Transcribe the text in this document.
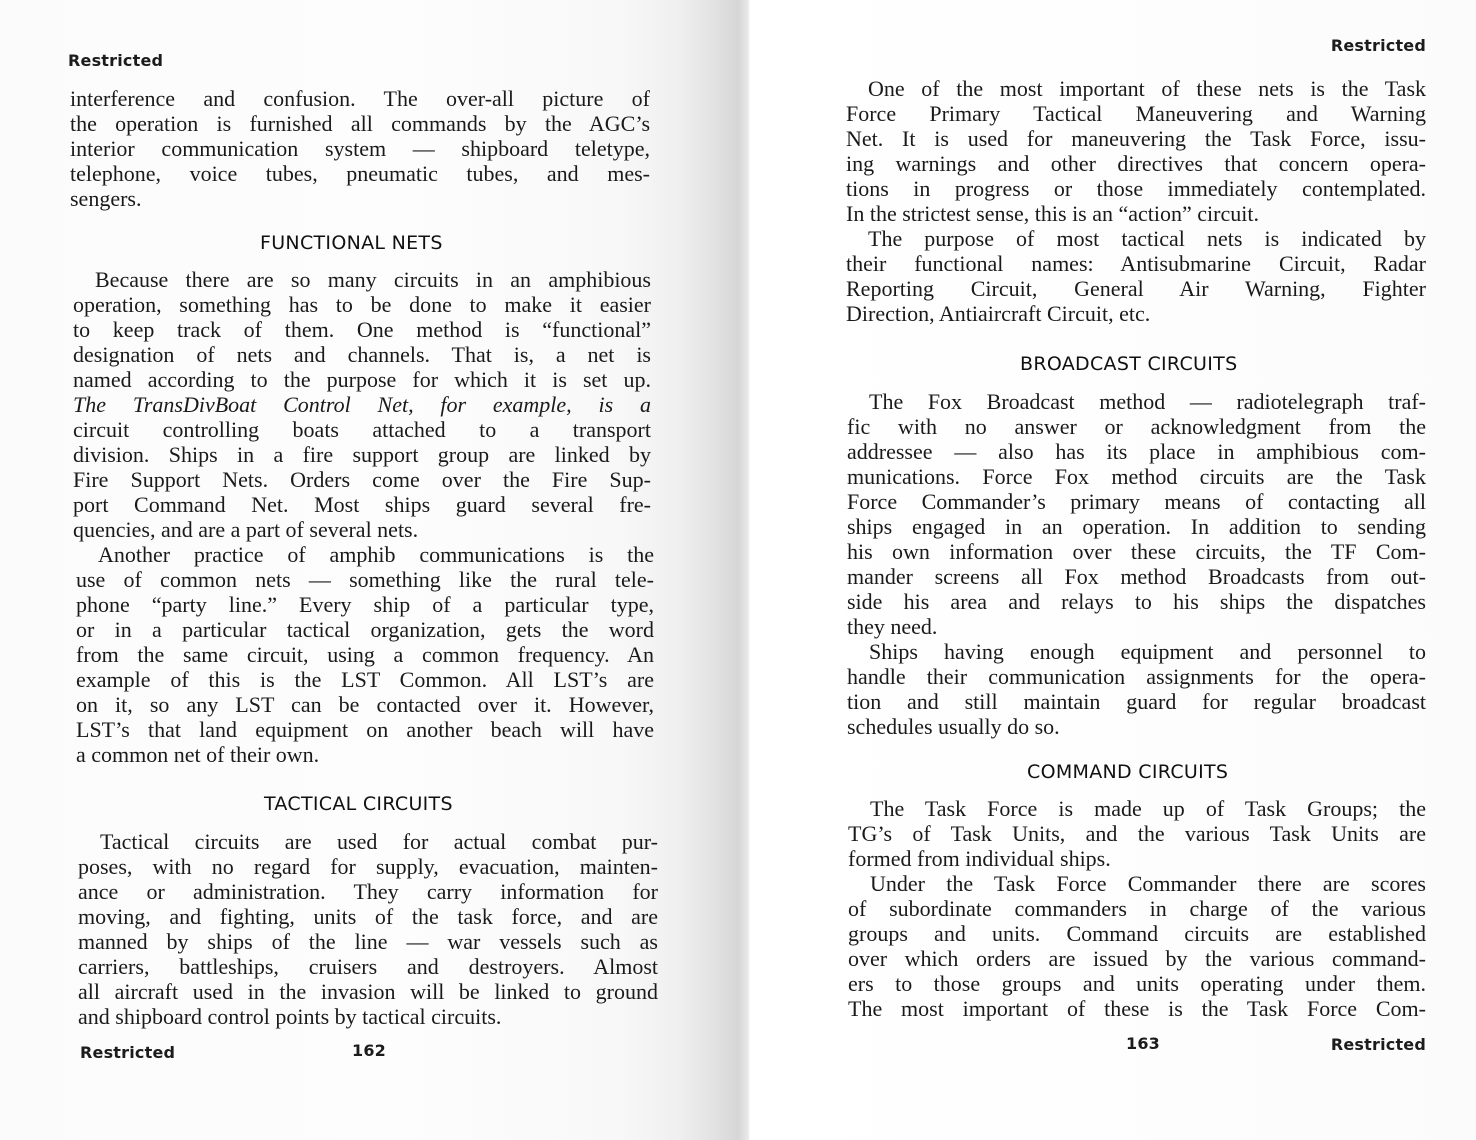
Restricted
interference and confusion. The over-all picture of
the operation is furnished all commands by the AGC’s
interior communication system — shipboard teletype,
telephone, voice tubes, pneumatic tubes, and mes-
sengers.
FUNCTIONAL NETS
Because there are so many circuits in an amphibious
operation, something has to be done to make it easier
to keep track of them. One method is “functional”
designation of nets and channels. That is, a net is
named according to the purpose for which it is set up.
The TransDivBoat Control Net, for example, is a
circuit controlling boats attached to a transport
division. Ships in a fire support group are linked by
Fire Support Nets. Orders come over the Fire Sup-
port Command Net. Most ships guard several fre-
quencies, and are a part of several nets.
Another practice of amphib communications is the
use of common nets — something like the rural tele-
phone “party line.” Every ship of a particular type,
or in a particular tactical organization, gets the word
from the same circuit, using a common frequency. An
example of this is the LST Common. All LST’s are
on it, so any LST can be contacted over it. However,
LST’s that land equipment on another beach will have
a common net of their own.
TACTICAL CIRCUITS
Tactical circuits are used for actual combat pur-
poses, with no regard for supply, evacuation, mainten-
ance or administration. They carry information for
moving, and fighting, units of the task force, and are
manned by ships of the line — war vessels such as
carriers, battleships, cruisers and destroyers. Almost
all aircraft used in the invasion will be linked to ground
and shipboard control points by tactical circuits.
Restricted	162
Restricted
One of the most important of these nets is the Task
Force Primary Tactical Maneuvering and Warning
Net. It is used for maneuvering the Task Force, issu-
ing warnings and other directives that concern opera-
tions in progress or those immediately contemplated.
In the strictest sense, this is an “action” circuit.
The purpose of most tactical nets is indicated by
their functional names: Antisubmarine Circuit, Radar
Reporting Circuit, General Air Warning, Fighter
Direction, Antiaircraft Circuit, etc.
BROADCAST CIRCUITS
The Fox Broadcast method — radiotelegraph traf-
fic with no answer or acknowledgment from the
addressee — also has its place in amphibious com-
munications. Force Fox method circuits are the Task
Force Commander’s primary means of contacting all
ships engaged in an operation. In addition to sending
his own information over these circuits, the TF Com-
mander screens all Fox method Broadcasts from out-
side his area and relays to his ships the dispatches
they need.
Ships having enough equipment and personnel to
handle their communication assignments for the opera-
tion and still maintain guard for regular broadcast
schedules usually do so.
COMMAND CIRCUITS
The Task Force is made up of Task Groups; the
TG’s of Task Units, and the various Task Units are
formed from individual ships.
Under the Task Force Commander there are scores
of subordinate commanders in charge of the various
groups and units. Command circuits are established
over which orders are issued by the various command-
ers to those groups and units operating under them.
The most important of these is the Task Force Com-
163	Restricted
